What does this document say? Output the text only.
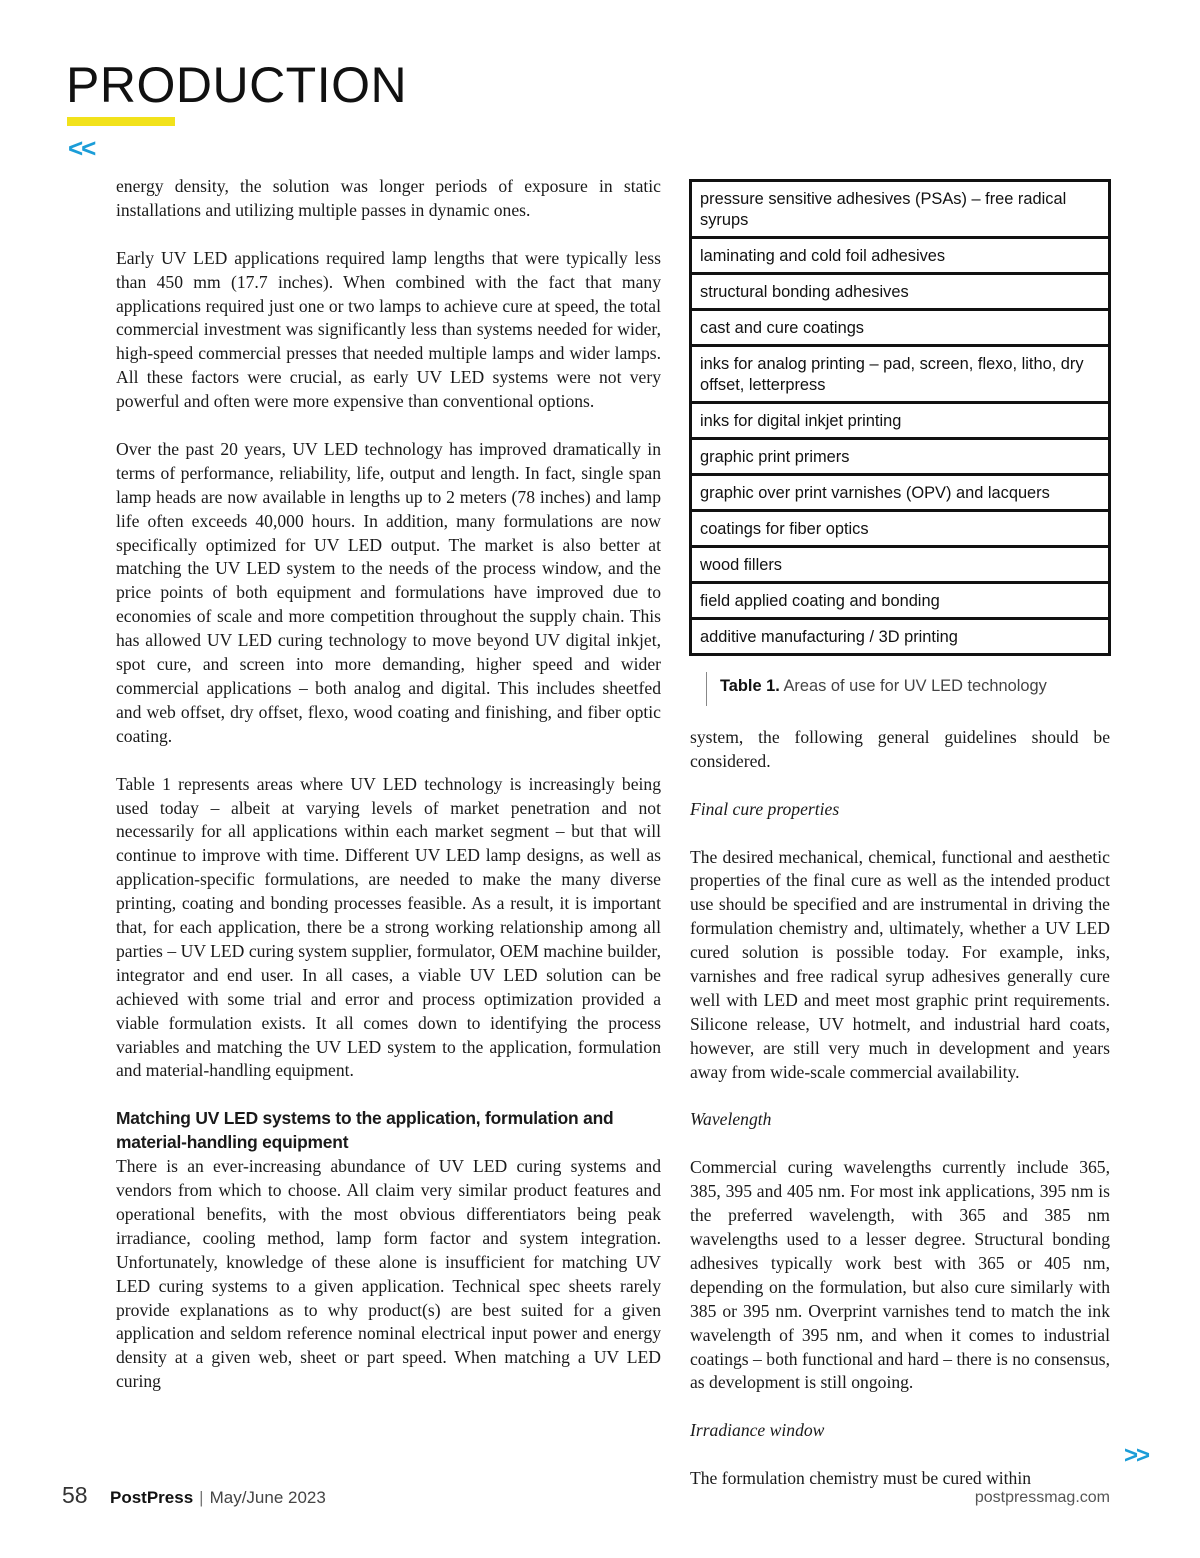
PRODUCTION
<<

energy density, the solution was longer periods of exposure in static installations and utilizing multiple passes in dynamic ones.

Early UV LED applications required lamp lengths that were typically less than 450 mm (17.7 inches). When combined with the fact that many applications required just one or two lamps to achieve cure at speed, the total commercial investment was significantly less than systems needed for wider, high-speed commercial presses that needed multiple lamps and wider lamps. All these factors were crucial, as early UV LED systems were not very powerful and often were more expensive than conventional options.

Over the past 20 years, UV LED technology has improved dramatically in terms of performance, reliability, life, output and length. In fact, single span lamp heads are now available in lengths up to 2 meters (78 inches) and lamp life often exceeds 40,000 hours. In addition, many formulations are now specifically optimized for UV LED output. The market is also better at matching the UV LED system to the needs of the process window, and the price points of both equipment and formulations have improved due to economies of scale and more competition throughout the supply chain. This has allowed UV LED curing technology to move beyond UV digital inkjet, spot cure, and screen into more demanding, higher speed and wider commercial applications – both analog and digital. This includes sheetfed and web offset, dry offset, flexo, wood coating and finishing, and fiber optic coating.

Table 1 represents areas where UV LED technology is increasingly being used today – albeit at varying levels of market penetration and not necessarily for all applications within each market segment – but that will continue to improve with time. Different UV LED lamp designs, as well as application-specific formulations, are needed to make the many diverse printing, coating and bonding processes feasible. As a result, it is important that, for each application, there be a strong working relationship among all parties – UV LED curing system supplier, formulator, OEM machine builder, integrator and end user. In all cases, a viable UV LED solution can be achieved with some trial and error and process optimization provided a viable formulation exists. It all comes down to identifying the process variables and matching the UV LED system to the application, formulation and material-handling equipment.

Matching UV LED systems to the application, formulation and material-handling equipment

There is an ever-increasing abundance of UV LED curing systems and vendors from which to choose. All claim very similar product features and operational benefits, with the most obvious differentiators being peak irradiance, cooling method, lamp form factor and system integration. Unfortunately, knowledge of these alone is insufficient for matching UV LED curing systems to a given application. Technical spec sheets rarely provide explanations as to why product(s) are best suited for a given application and seldom reference nominal electrical input power and energy density at a given web, sheet or part speed. When matching a UV LED curing

pressure sensitive adhesives (PSAs) – free radical syrups
laminating and cold foil adhesives
structural bonding adhesives
cast and cure coatings
inks for analog printing – pad, screen, flexo, litho, dry offset, letterpress
inks for digital inkjet printing
graphic print primers
graphic over print varnishes (OPV) and lacquers
coatings for fiber optics
wood fillers
field applied coating and bonding
additive manufacturing / 3D printing
Table 1. Areas of use for UV LED technology

system, the following general guidelines should be considered.

Final cure properties

The desired mechanical, chemical, functional and aesthetic properties of the final cure as well as the intended product use should be specified and are instrumental in driving the formulation chemistry and, ultimately, whether a UV LED cured solution is possible today. For example, inks, varnishes and free radical syrup adhesives generally cure well with LED and meet most graphic print requirements. Silicone release, UV hotmelt, and industrial hard coats, however, are still very much in development and years away from wide-scale commercial availability.

Wavelength

Commercial curing wavelengths currently include 365, 385, 395 and 405 nm. For most ink applications, 395 nm is the preferred wavelength, with 365 and 385 nm wavelengths used to a lesser degree. Structural bonding adhesives typically work best with 365 or 405 nm, depending on the formulation, but also cure similarly with 385 or 395 nm. Overprint varnishes tend to match the ink wavelength of 395 nm, and when it comes to industrial coatings – both functional and hard – there is no consensus, as development is still ongoing.

Irradiance window

The formulation chemistry must be cured within

>>
58 PostPress | May/June 2023	postpressmag.com
